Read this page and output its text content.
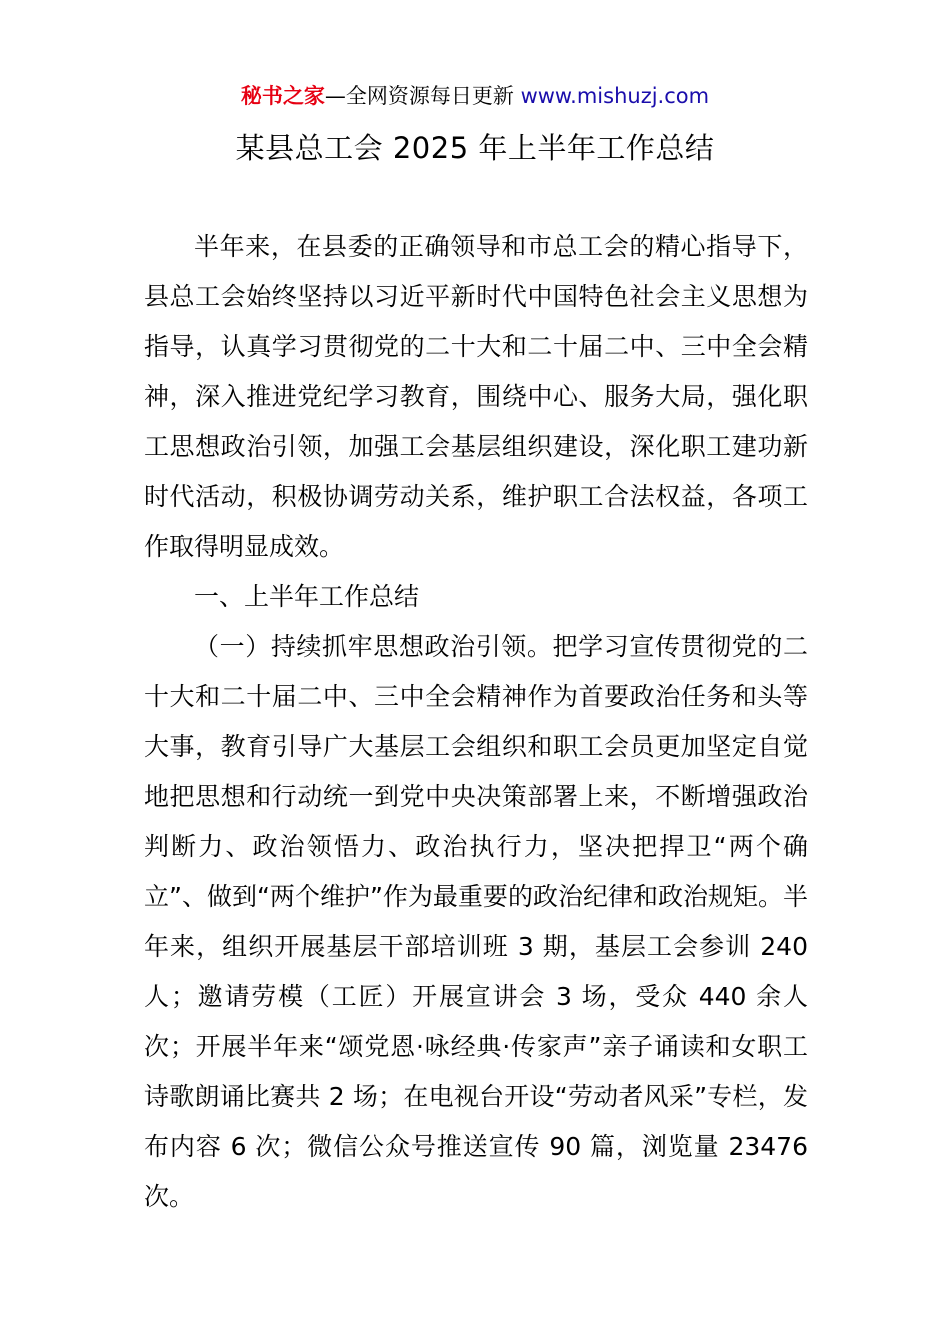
秘书之家—全网资源每日更新 www.mishuzj.com
某县总工会 2025 年上半年工作总结

半年来，在县委的正确领导和市总工会的精心指导下，县总工会始终坚持以习近平新时代中国特色社会主义思想为指导，认真学习贯彻党的二十大和二十届二中、三中全会精神，深入推进党纪学习教育，围绕中心、服务大局，强化职工思想政治引领，加强工会基层组织建设，深化职工建功新时代活动，积极协调劳动关系，维护职工合法权益，各项工作取得明显成效。

一、上半年工作总结

（一）持续抓牢思想政治引领。把学习宣传贯彻党的二十大和二十届二中、三中全会精神作为首要政治任务和头等大事，教育引导广大基层工会组织和职工会员更加坚定自觉地把思想和行动统一到党中央决策部署上来，不断增强政治判断力、政治领悟力、政治执行力，坚决把捍卫“两个确立”、做到“两个维护”作为最重要的政治纪律和政治规矩。半年来，组织开展基层干部培训班 3 期，基层工会参训 240 人；邀请劳模（工匠）开展宣讲会 3 场，受众 440 余人次；开展半年来“颂党恩·咏经典·传家声”亲子诵读和女职工诗歌朗诵比赛共 2 场；在电视台开设“劳动者风采”专栏，发布内容 6 次；微信公众号推送宣传 90 篇，浏览量 23476 次。
